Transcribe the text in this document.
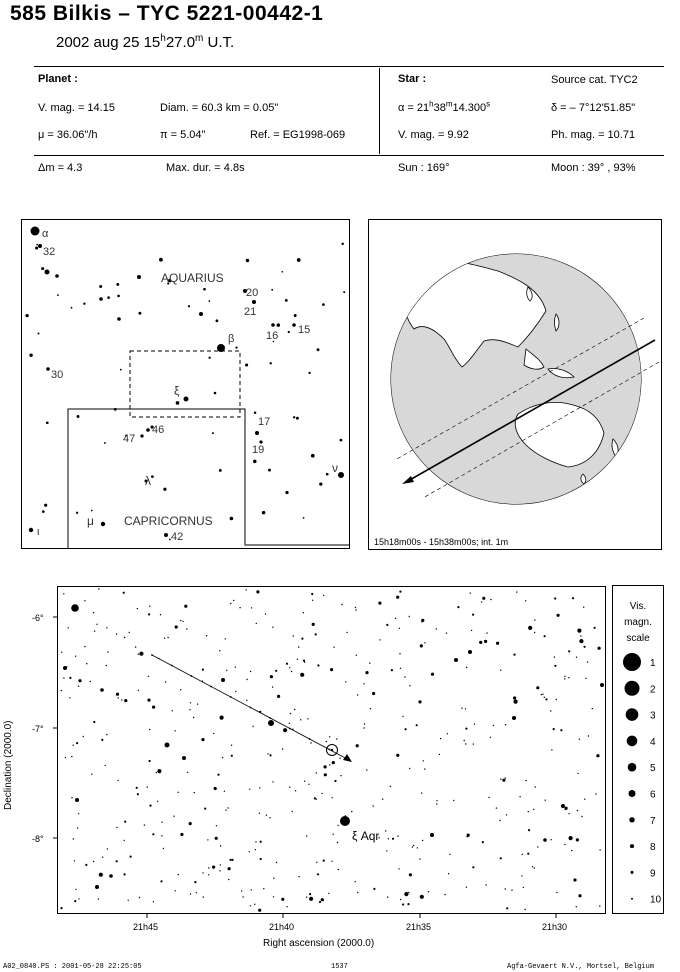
585 Bilkis – TYC 5221-00442-1
2002 aug 25 15$^h$27.0$^m$ U.T.
Planet :
V. mag. = 14.15	Diam. = 60.3 km = 0.05"
μ = 36.06"/h	π = 5.04"	Ref. = EG1998-069
Star :	Source cat. TYC2
$\alpha = 21^h38^m14.300^s$	δ = – 7°12'51.85"
V. mag. = 9.92	Ph. mag. = 10.71
Δm = 4.3	Max. dur. = 4.8s	Sun : 169°	Moon : 39° , 93%
AQUARIUS
CAPRICORNUS
α
32
20
21
16 15
β
30
ξ
17
19
47
46
ν
λ
μ
42
ι
15h18m00s - 15h38m00s; int. 1m
ξ Aqr
-6°
-7°
-8°
21h45	21h40	21h35	21h30
Right ascension (2000.0)
Declination (2000.0)
Vis.
magn.
scale
1
2
3
4
5
6
7
8
9
10
A02_0840.PS : 2001-05-28 22:25:05	1537	Agfa-Gevaert N.V., Mortsel, Belgium
